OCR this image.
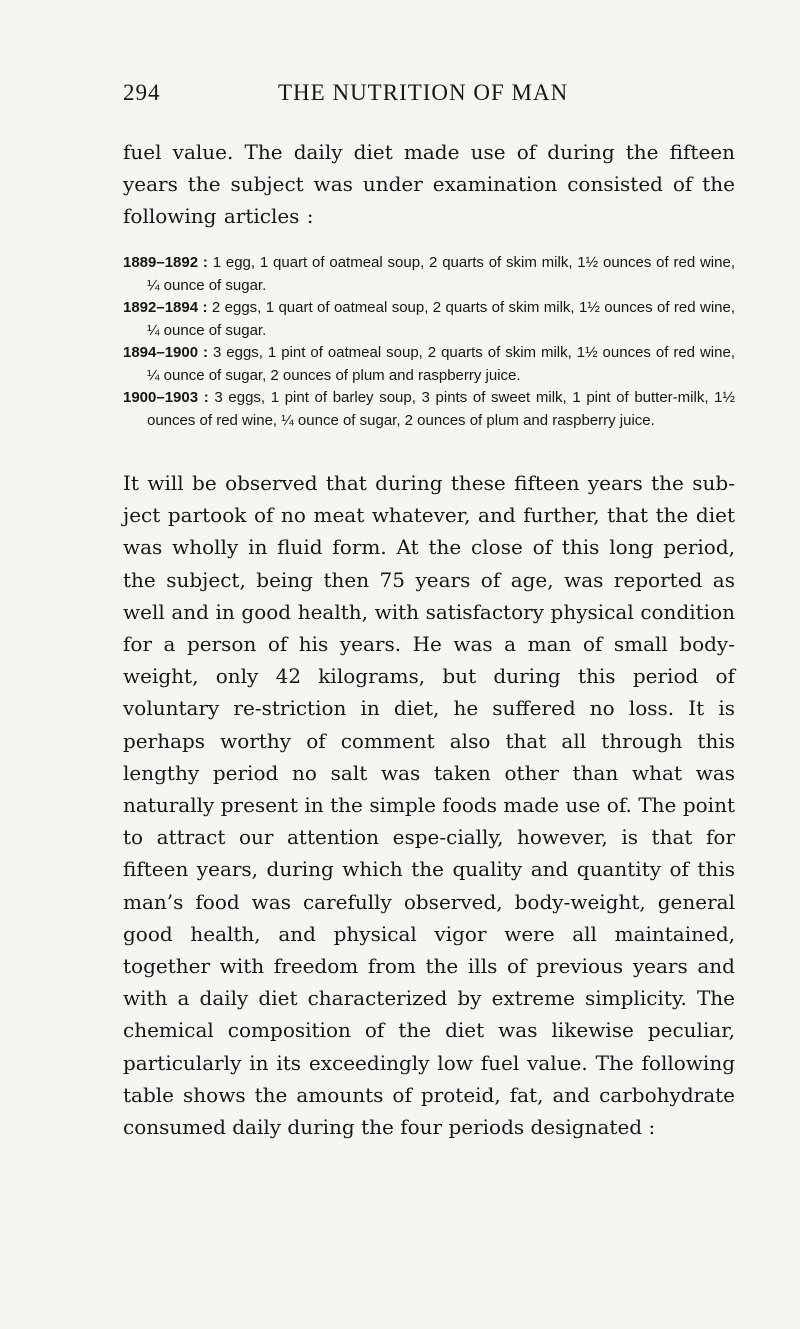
294	THE NUTRITION OF MAN

fuel value. The daily diet made use of during the fifteen years the subject was under examination consisted of the following articles :

1889–1892 : 1 egg, 1 quart of oatmeal soup, 2 quarts of skim milk, 1½ ounces of red wine, ¼ ounce of sugar.
1892–1894 : 2 eggs, 1 quart of oatmeal soup, 2 quarts of skim milk, 1½ ounces of red wine, ¼ ounce of sugar.
1894–1900 : 3 eggs, 1 pint of oatmeal soup, 2 quarts of skim milk, 1½ ounces of red wine, ¼ ounce of sugar, 2 ounces of plum and raspberry juice.
1900–1903 : 3 eggs, 1 pint of barley soup, 3 pints of sweet milk, 1 pint of butter-milk, 1½ ounces of red wine, ¼ ounce of sugar, 2 ounces of plum and raspberry juice.

It will be observed that during these fifteen years the sub-ject partook of no meat whatever, and further, that the diet was wholly in fluid form. At the close of this long period, the subject, being then 75 years of age, was reported as well and in good health, with satisfactory physical condition for a person of his years. He was a man of small body-weight, only 42 kilograms, but during this period of voluntary re-striction in diet, he suffered no loss. It is perhaps worthy of comment also that all through this lengthy period no salt was taken other than what was naturally present in the simple foods made use of. The point to attract our attention espe-cially, however, is that for fifteen years, during which the quality and quantity of this man’s food was carefully observed, body-weight, general good health, and physical vigor were all maintained, together with freedom from the ills of previous years and with a daily diet characterized by extreme simplicity. The chemical composition of the diet was likewise peculiar, particularly in its exceedingly low fuel value. The following table shows the amounts of proteid, fat, and carbohydrate consumed daily during the four periods designated :
